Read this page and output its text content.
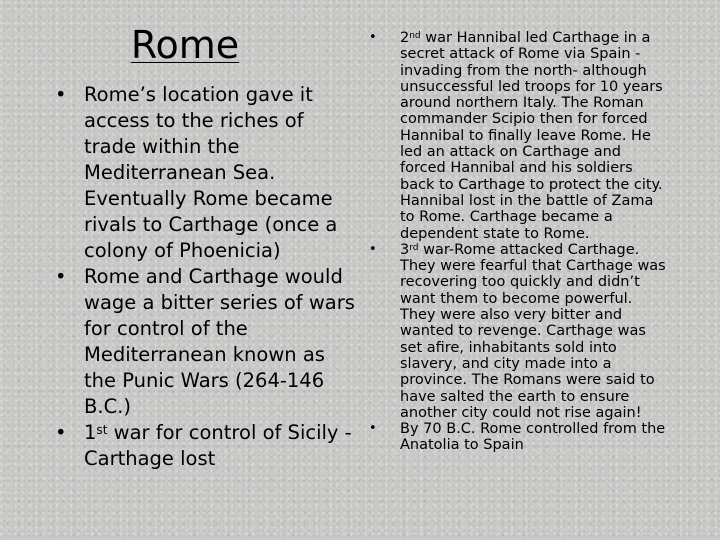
Rome
• Rome’s location gave it access to the riches of trade within the Mediterranean Sea. Eventually Rome became rivals to Carthage (once a colony of Phoenicia)
• Rome and Carthage would wage a bitter series of wars for control of the Mediterranean known as the Punic Wars (264-146 B.C.)
• 1st war for control of Sicily -Carthage lost
• 2nd war Hannibal led Carthage in a secret attack of Rome via Spain -invading from the north- although unsuccessful led troops for 10 years around northern Italy. The Roman commander Scipio then for forced Hannibal to finally leave Rome. He led an attack on Carthage and forced Hannibal and his soldiers back to Carthage to protect the city. Hannibal lost in the battle of Zama to Rome. Carthage became a dependent state to Rome.
• 3rd war-Rome attacked Carthage. They were fearful that Carthage was recovering too quickly and didn’t want them to become powerful. They were also very bitter and wanted to revenge. Carthage was set afire, inhabitants sold into slavery, and city made into a province. The Romans were said to have salted the earth to ensure another city could not rise again!
• By 70 B.C. Rome controlled from the Anatolia to Spain
